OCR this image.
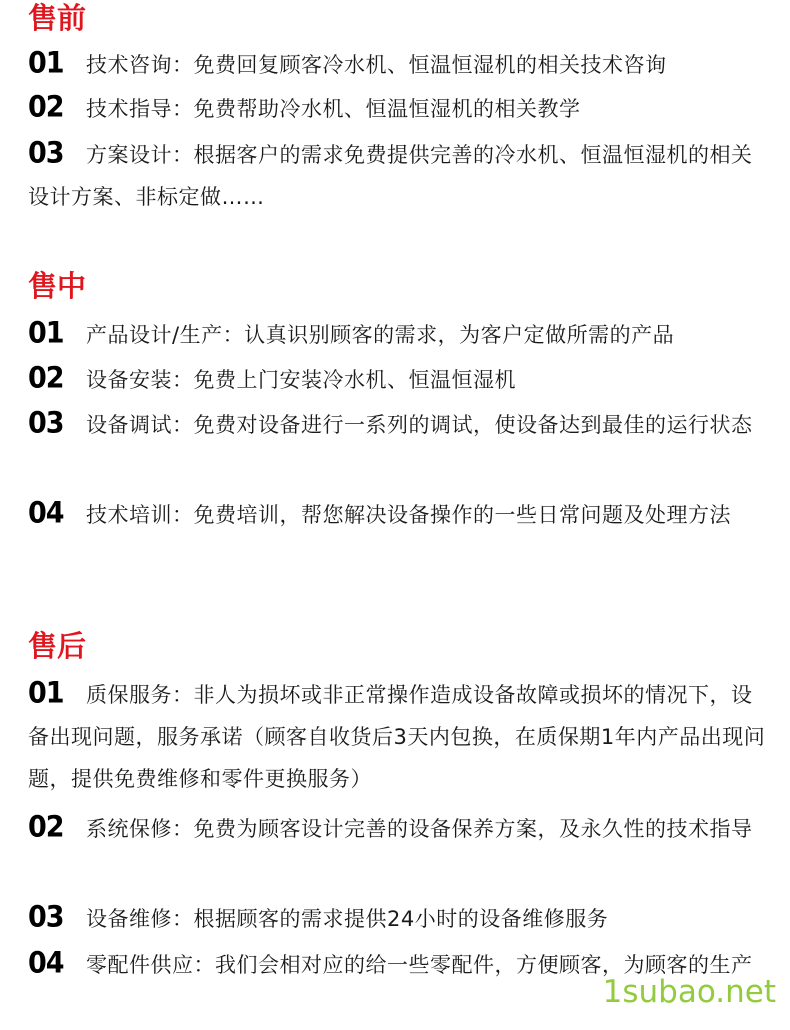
售前
01 技术咨询：免费回复顾客冷水机、恒温恒湿机的相关技术咨询
02 技术指导：免费帮助冷水机、恒温恒湿机的相关教学
03 方案设计：根据客户的需求免费提供完善的冷水机、恒温恒湿机的相关设计方案、非标定做……
售中
01 产品设计/生产：认真识别顾客的需求，为客户定做所需的产品
02 设备安装：免费上门安装冷水机、恒温恒湿机
03 设备调试：免费对设备进行一系列的调试，使设备达到最佳的运行状态
04 技术培训：免费培训，帮您解决设备操作的一些日常问题及处理方法
售后
01 质保服务：非人为损坏或非正常操作造成设备故障或损坏的情况下，设备出现问题，服务承诺（顾客自收货后3天内包换，在质保期1年内产品出现问题，提供免费维修和零件更换服务）
02 系统保修：免费为顾客设计完善的设备保养方案，及永久性的技术指导
03 设备维修：根据顾客的需求提供24小时的设备维修服务
04 零配件供应：我们会相对应的给一些零配件，方便顾客，为顾客的生产
1subao.net
